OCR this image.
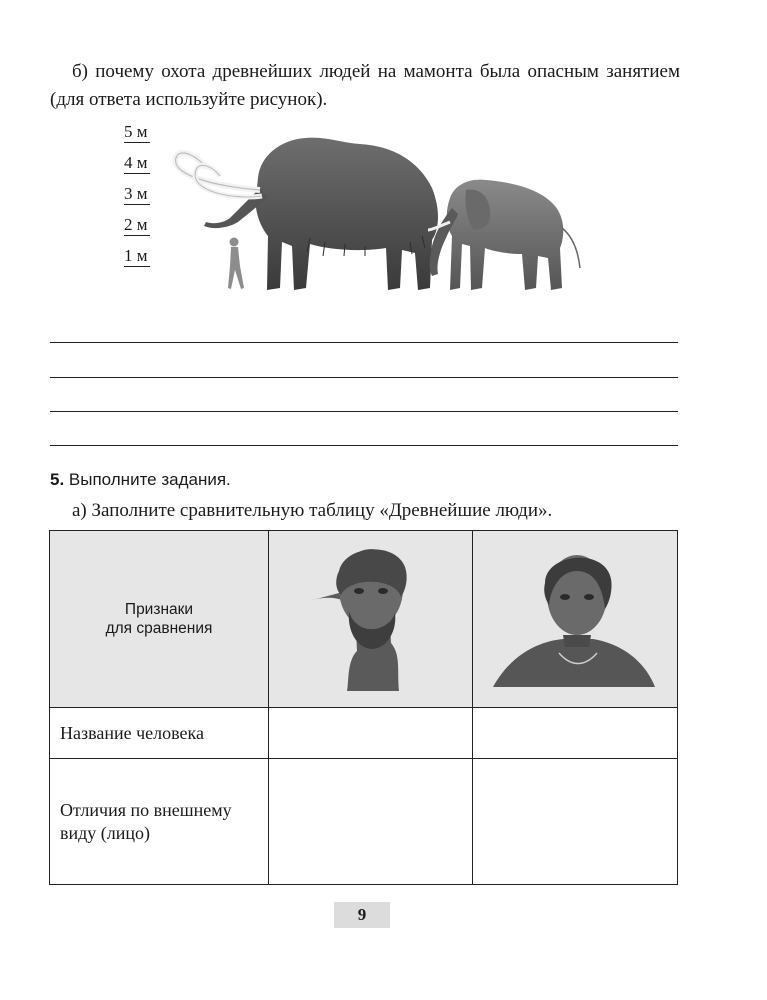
б) почему охота древнейших людей на мамонта была опасным занятием (для ответа используйте рисунок).

5 м
4 м
3 м
2 м
1 м
5. Выполните задания.
а) Заполните сравнительную таблицу «Древнейшие люди».
Признаки
для сравнения

Название человека		
Отличия по внешнему виду (лицо)		
9
